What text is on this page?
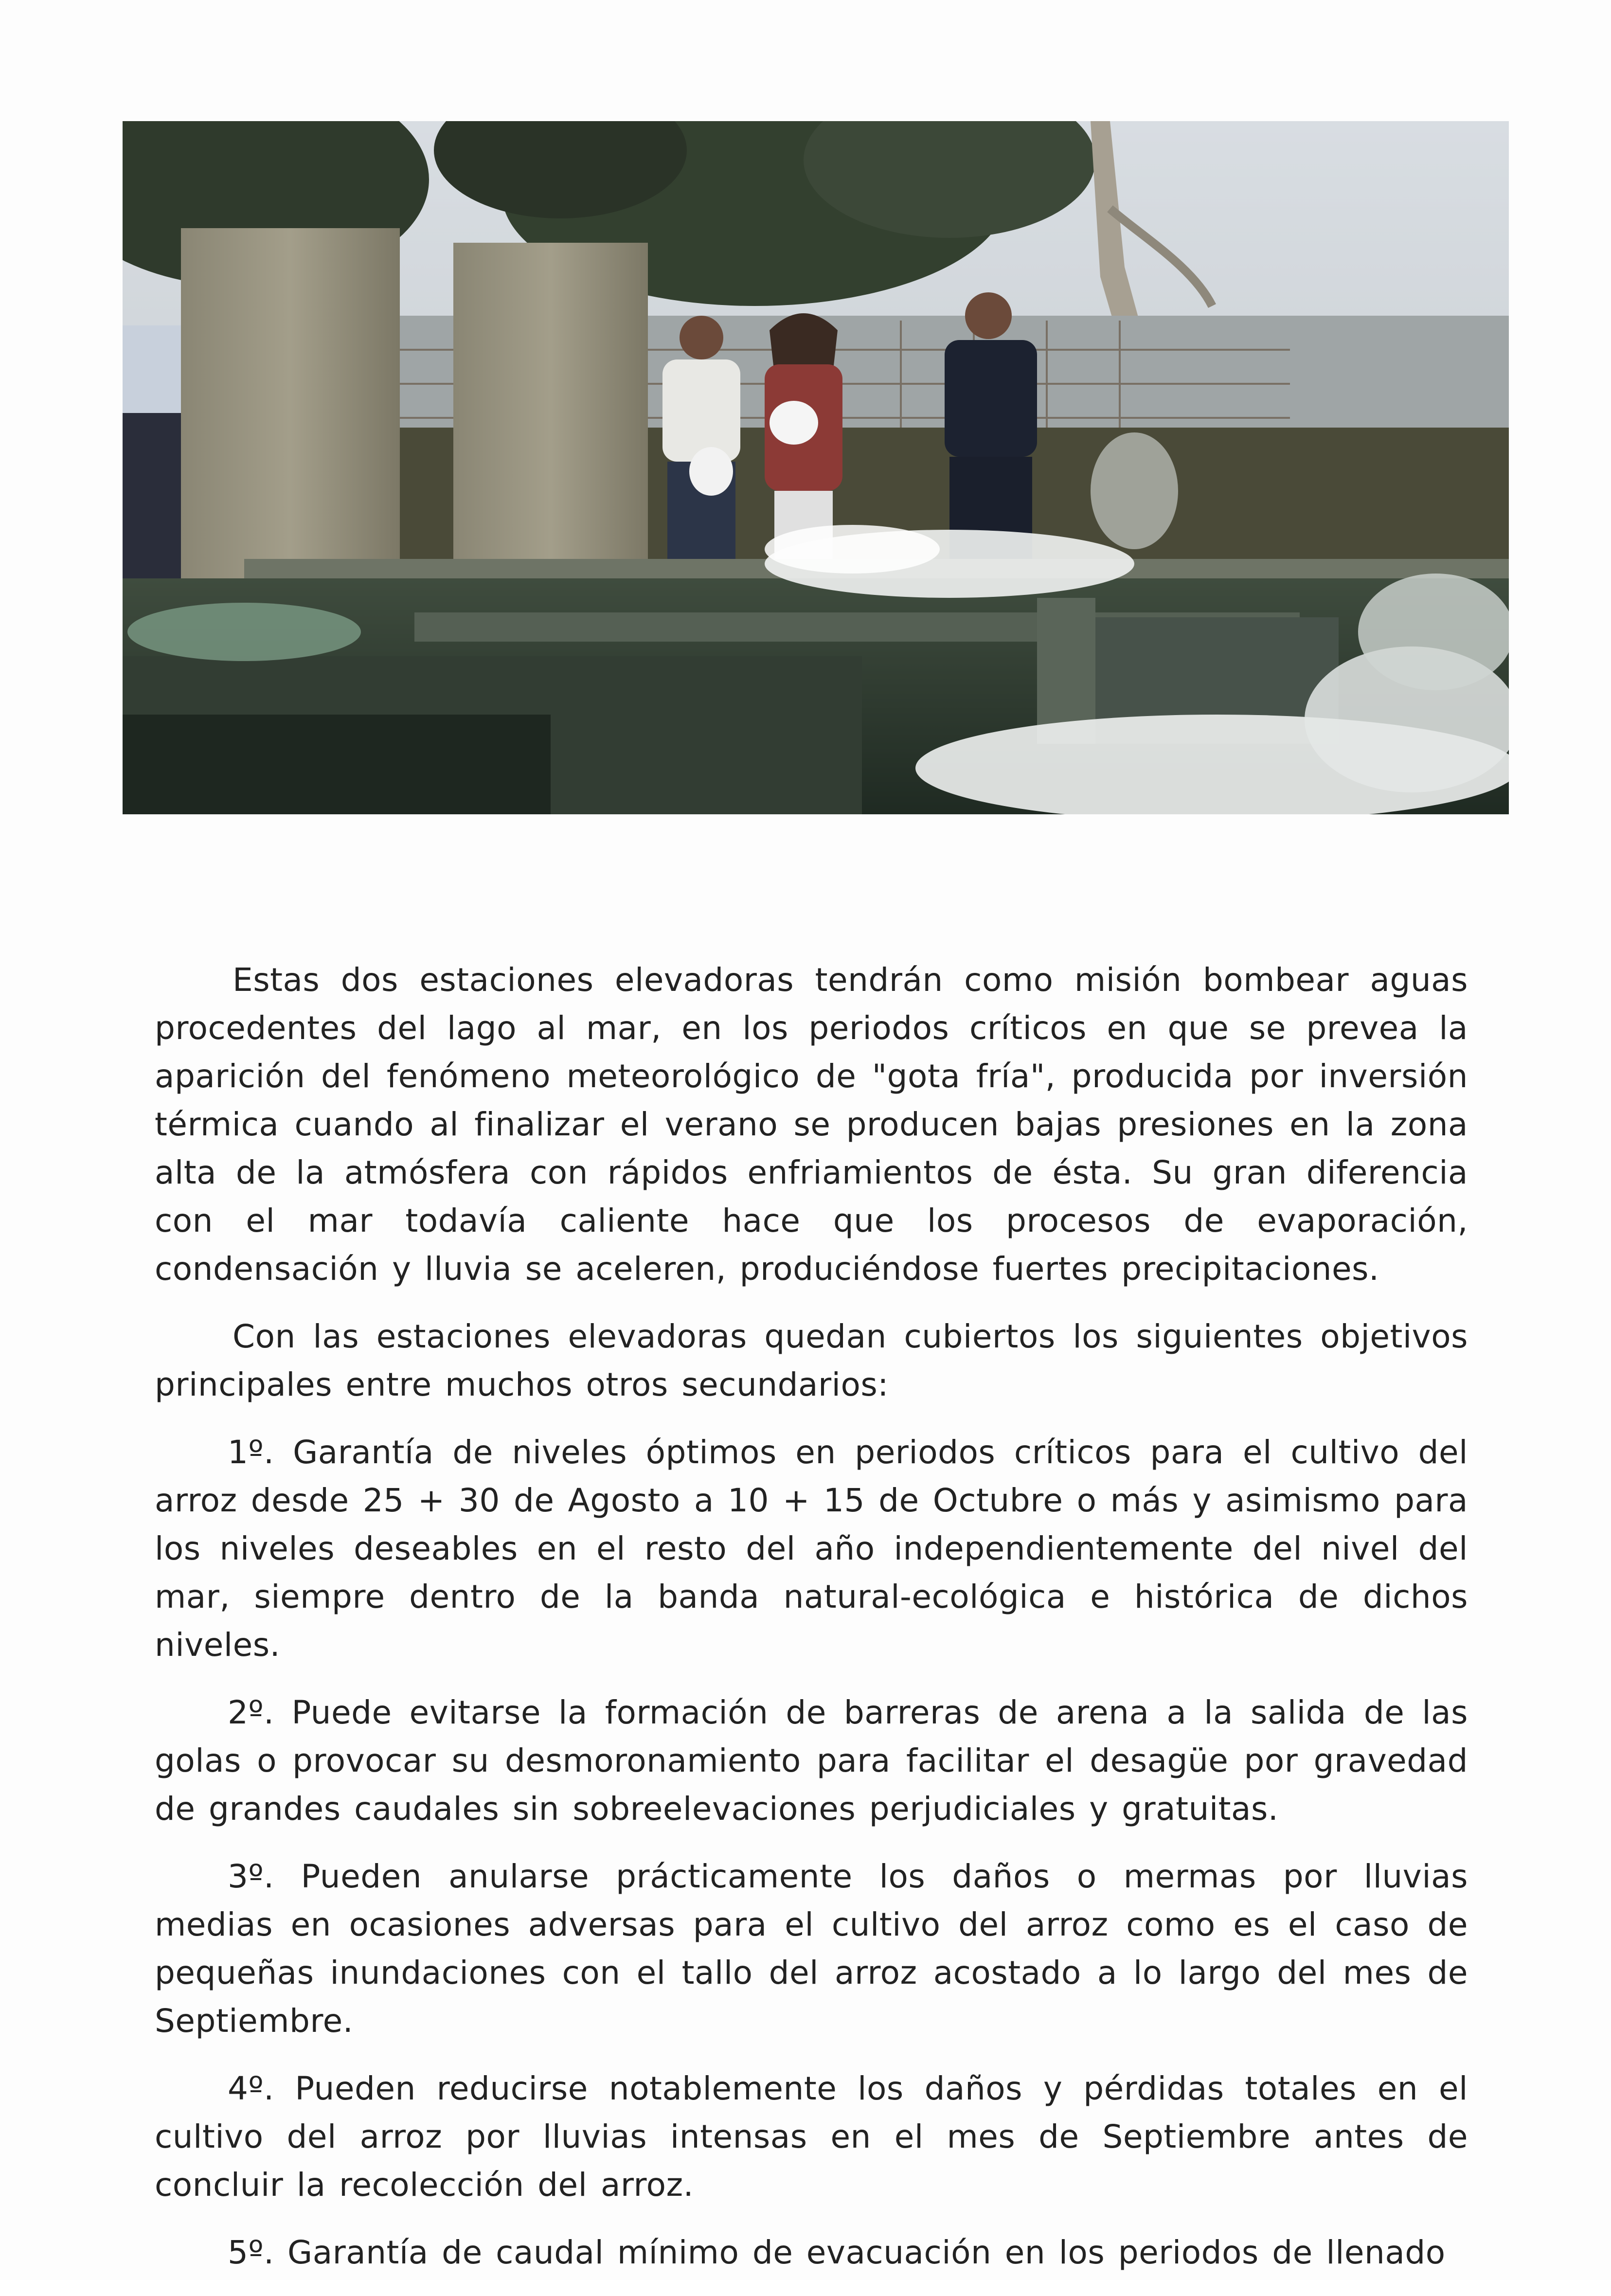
Estas dos estaciones elevadoras tendrán como misión bombear aguas procedentes del lago al mar, en los periodos críticos en que se prevea la aparición del fenómeno meteorológico de "gota fría", producida por inversión térmica cuando al finalizar el verano se producen bajas presiones en la zona alta de la atmósfera con rápidos enfriamientos de ésta. Su gran diferencia con el mar todavía caliente hace que los procesos de evaporación, condensación y lluvia se aceleren, produciéndose fuertes precipitaciones.

Con las estaciones elevadoras quedan cubiertos los siguientes objetivos principales entre muchos otros secundarios:

1º. Garantía de niveles óptimos en periodos críticos para el cultivo del arroz desde 25 + 30 de Agosto a 10 + 15 de Octubre o más y asimismo para los niveles deseables en el resto del año independientemente del nivel del mar, siempre dentro de la banda natural-ecológica e histórica de dichos niveles.

2º. Puede evitarse la formación de barreras de arena a la salida de las golas o provocar su desmoronamiento para facilitar el desagüe por gravedad de grandes caudales sin sobreelevaciones perjudiciales y gratuitas.

3º. Pueden anularse prácticamente los daños o mermas por lluvias medias en ocasiones adversas para el cultivo del arroz como es el caso de pequeñas inundaciones con el tallo del arroz acostado a lo largo del mes de Septiembre.

4º. Pueden reducirse notablemente los daños y pérdidas totales en el cultivo del arroz por lluvias intensas en el mes de Septiembre antes de concluir la recolección del arroz.

5º. Garantía de caudal mínimo de evacuación en los periodos de llenado
